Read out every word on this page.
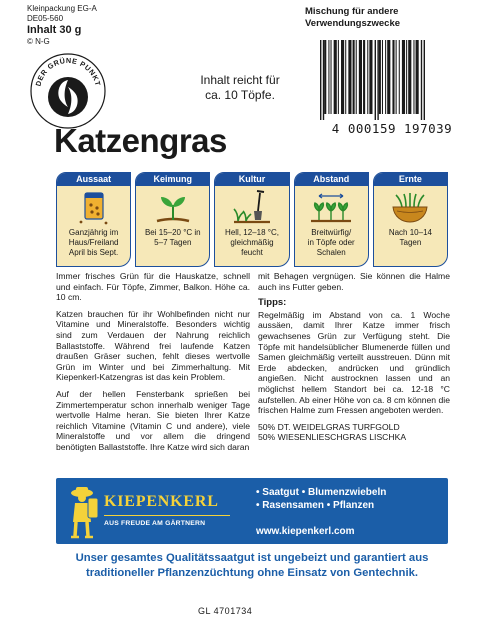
Kleinpackung EG-A
DE05-560
Inhalt 30 g
© N-G
Mischung für andere
Verwendungszwecke
DER GRÜNE PUNKT	Inhalt reicht für
ca. 10 Töpfe.
4 000159 197039
Katzengras
Aussaat
Ganzjährig im
Haus/Freiland
April bis Sept.
Keimung
Bei 15–20 °C in
5–7 Tagen
Kultur
Hell, 12–18 °C,
gleichmäßig
feucht
Abstand
Breitwürfig/
in Töpfe oder
Schalen
Ernte
Nach 10–14
Tagen

Immer frisches Grün für die Hauskatze, schnell und einfach. Für Töpfe, Zimmer, Balkon. Höhe ca. 10 cm.

Katzen brauchen für ihr Wohlbefinden nicht nur Vitamine und Mineralstoffe. Besonders wichtig sind zum Verdauen der Nahrung reichlich Ballaststoffe. Während frei laufende Katzen draußen Gräser suchen, fehlt dieses wertvolle Grün im Winter und bei Zimmerhaltung. Mit Kiepenkerl-Katzengras ist das kein Problem.

Auf der hellen Fensterbank sprießen bei Zimmertemperatur schon innerhalb weniger Tage wertvolle Halme heran. Sie bieten Ihrer Katze reichlich Vitamine (Vitamin C und andere), viele Mineralstoffe und vor allem die dringend benötigten Ballaststoffe. Ihre Katze wird sich daran

mit Behagen vergnügen. Sie können die Halme auch ins Futter geben.

Tipps:

Regelmäßig im Abstand von ca. 1 Woche aussäen, damit Ihrer Katze immer frisch gewachsenes Grün zur Verfügung steht. Die Töpfe mit handelsüblicher Blumenerde füllen und Samen gleichmäßig verteilt ausstreuen. Dünn mit Erde abdecken, andrücken und gründlich angießen. Nicht austrocknen lassen und an möglichst hellem Standort bei ca. 12-18 °C aufstellen. Ab einer Höhe von ca. 8 cm können die frischen Halme zum Fressen angeboten werden.

50% DT. WEIDELGRAS TURFGOLD
50% WIESENLIESCHGRAS LISCHKA
KIEPENKERL
AUS FREUDE AM GÄRTNERN
• Saatgut • Blumenzwiebeln
• Rasensamen • Pflanzen
www.kiepenkerl.com
Unser gesamtes Qualitätssaatgut ist ungebeizt und garantiert aus
traditioneller Pflanzenzüchtung ohne Einsatz von Gentechnik.
GL 4701734
